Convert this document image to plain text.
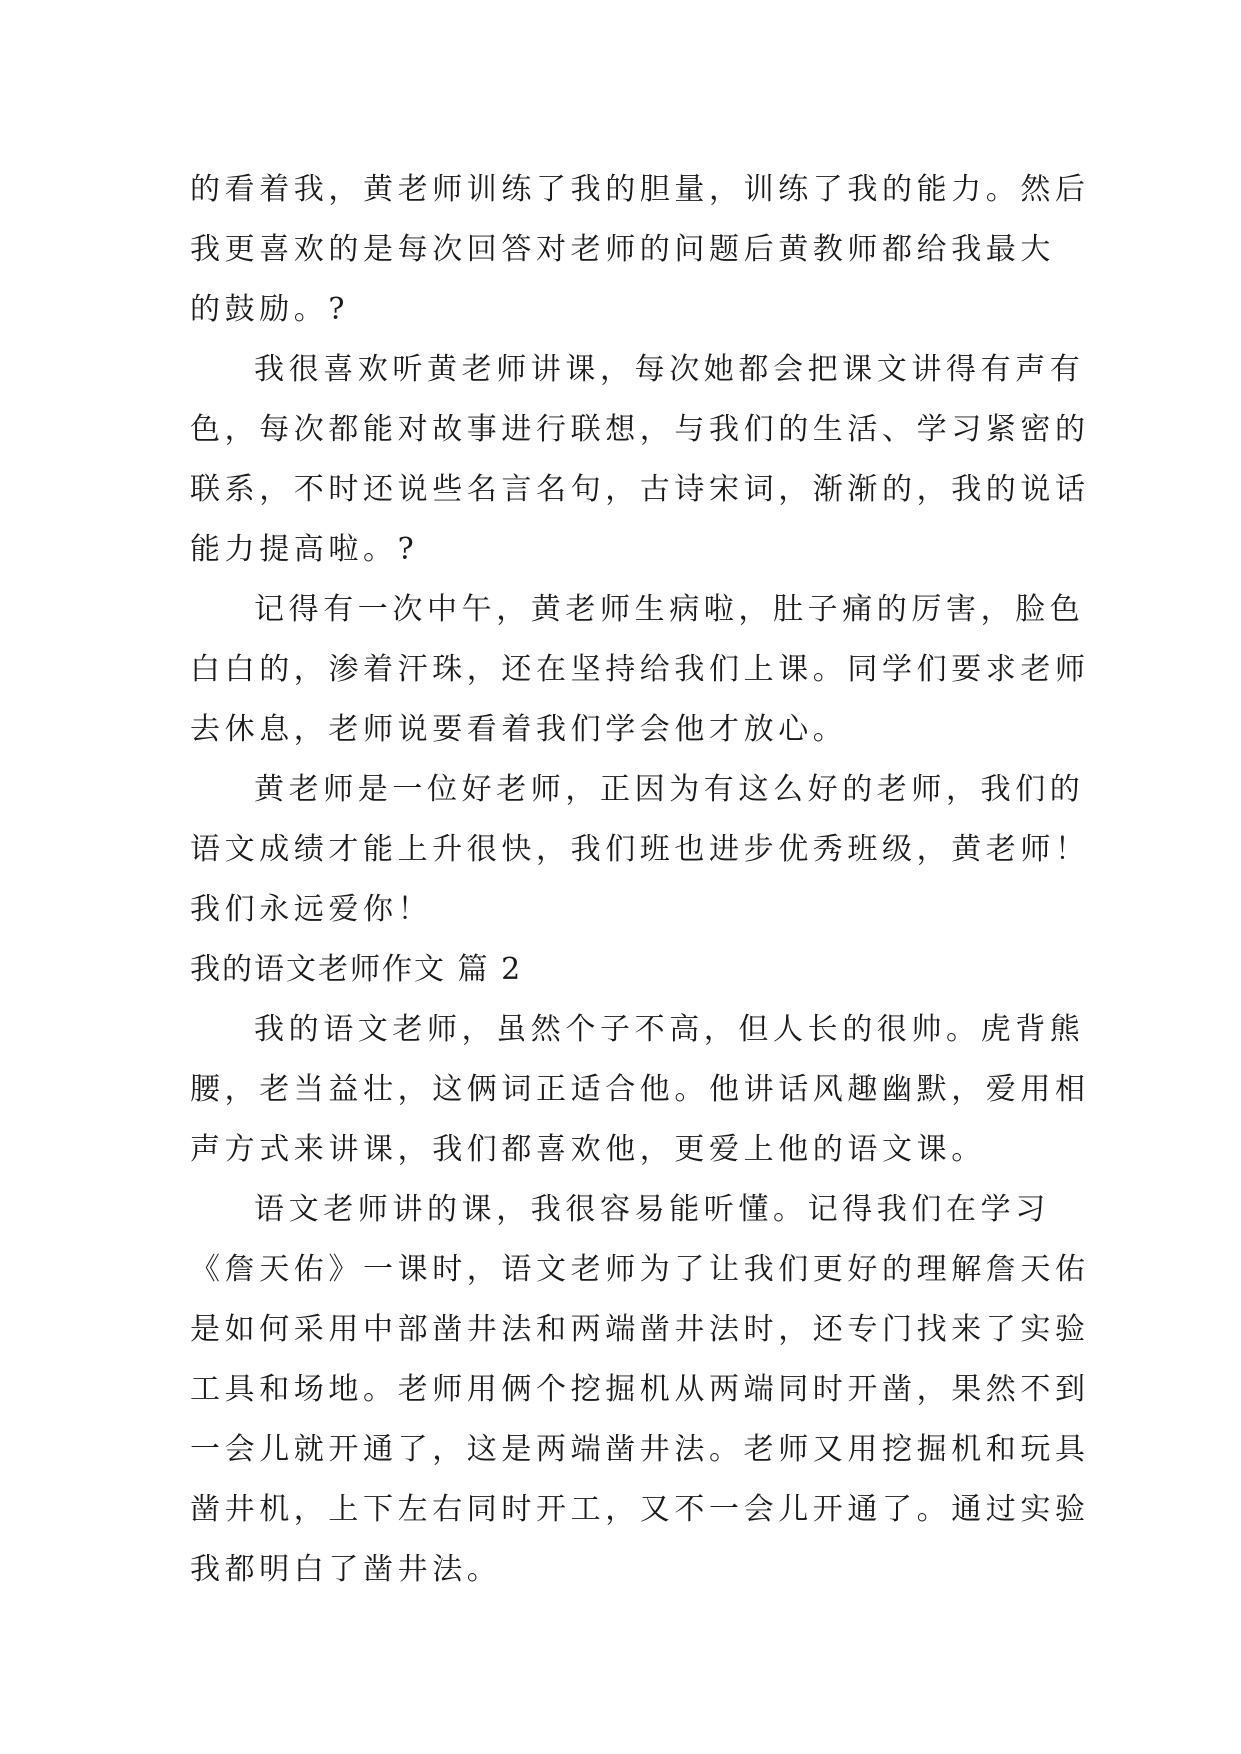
的看着我，黄老师训练了我的胆量，训练了我的能力。然后
我更喜欢的是每次回答对老师的问题后黄教师都给我最大
的鼓励。?
我很喜欢听黄老师讲课，每次她都会把课文讲得有声有
色，每次都能对故事进行联想，与我们的生活、学习紧密的
联系，不时还说些名言名句，古诗宋词，渐渐的，我的说话
能力提高啦。?
记得有一次中午，黄老师生病啦，肚子痛的厉害，脸色
白白的，渗着汗珠，还在坚持给我们上课。同学们要求老师
去休息，老师说要看着我们学会他才放心。
黄老师是一位好老师，正因为有这么好的老师，我们的
语文成绩才能上升很快，我们班也进步优秀班级，黄老师！
我们永远爱你！
我的语文老师作文 篇 2
我的语文老师，虽然个子不高，但人长的很帅。虎背熊
腰，老当益壮，这俩词正适合他。他讲话风趣幽默，爱用相
声方式来讲课，我们都喜欢他，更爱上他的语文课。
语文老师讲的课，我很容易能听懂。记得我们在学习
《詹天佑》一课时，语文老师为了让我们更好的理解詹天佑
是如何采用中部凿井法和两端凿井法时，还专门找来了实验
工具和场地。老师用俩个挖掘机从两端同时开凿，果然不到
一会儿就开通了，这是两端凿井法。老师又用挖掘机和玩具
凿井机，上下左右同时开工，又不一会儿开通了。通过实验
我都明白了凿井法。
